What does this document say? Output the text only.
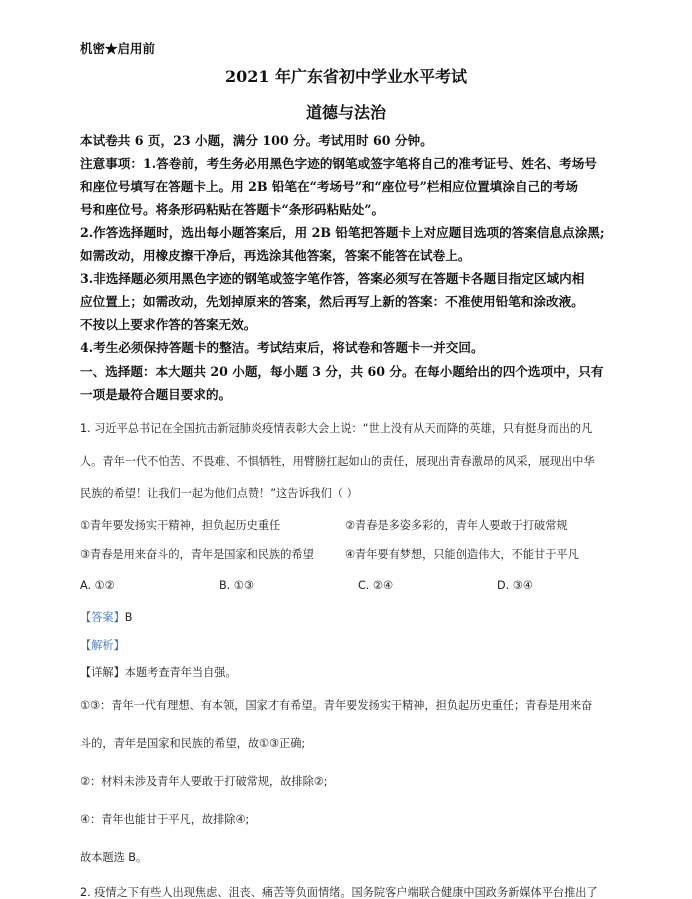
机密★启用前
2021 年广东省初中学业水平考试
道德与法治
本试卷共 6 页，23 小题，满分 100 分。考试用时 60 分钟。
注意事项：1.答卷前，考生务必用黑色字迹的钢笔或签字笔将自己的准考证号、姓名、考场号
和座位号填写在答题卡上。用 2B 铅笔在“考场号”和“座位号”栏相应位置填涂自己的考场
号和座位号。将条形码粘贴在答题卡“条形码粘贴处”。
2.作答选择题时，选出每小题答案后，用 2B 铅笔把答题卡上对应题目选项的答案信息点涂黑;
如需改动，用橡皮擦干净后，再选涂其他答案，答案不能答在试卷上。
3.非选择题必须用黑色字迹的钢笔或签字笔作答，答案必须写在答题卡各题目指定区域内相
应位置上；如需改动，先划掉原来的答案，然后再写上新的答案：不准使用铅笔和涂改液。
不按以上要求作答的答案无效。
4.考生必须保持答题卡的整洁。考试结束后，将试卷和答题卡一并交回。
一、选择题：本大题共 20 小题，每小题 3 分，共 60 分。在每小题给出的四个选项中，只有
一项是最符合题目要求的。
1. 习近平总书记在全国抗击新冠肺炎疫情表彰大会上说：“世上没有从天而降的英雄，只有挺身而出的凡
人。青年一代不怕苦、不畏难、不惧牺牲，用臂膀扛起如山的责任，展现出青春激昂的风采，展现出中华
民族的希望！让我们一起为他们点赞！”这告诉我们（ ）
①青年要发扬实干精神，担负起历史重任	②青春是多姿多彩的，青年人要敢于打破常规
③青春是用来奋斗的，青年是国家和民族的希望	④青年要有梦想，只能创造伟大，不能甘于平凡
A. ①②	B. ①③	C. ②④	D. ③④
【答案】B
【解析】
【详解】本题考查青年当自强。
①③：青年一代有理想、有本领，国家才有希望。青年要发扬实干精神，担负起历史重任；青春是用来奋
斗的，青年是国家和民族的希望，故①③正确;
②：材料未涉及青年人要敢于打破常规，故排除②;
④：青年也能甘于平凡，故排除④;
故本题选 B。
2. 疫情之下有些人出现焦虑、沮丧、痛苦等负面情绪。国务院客户端联合健康中国政务新媒体平台推出了
